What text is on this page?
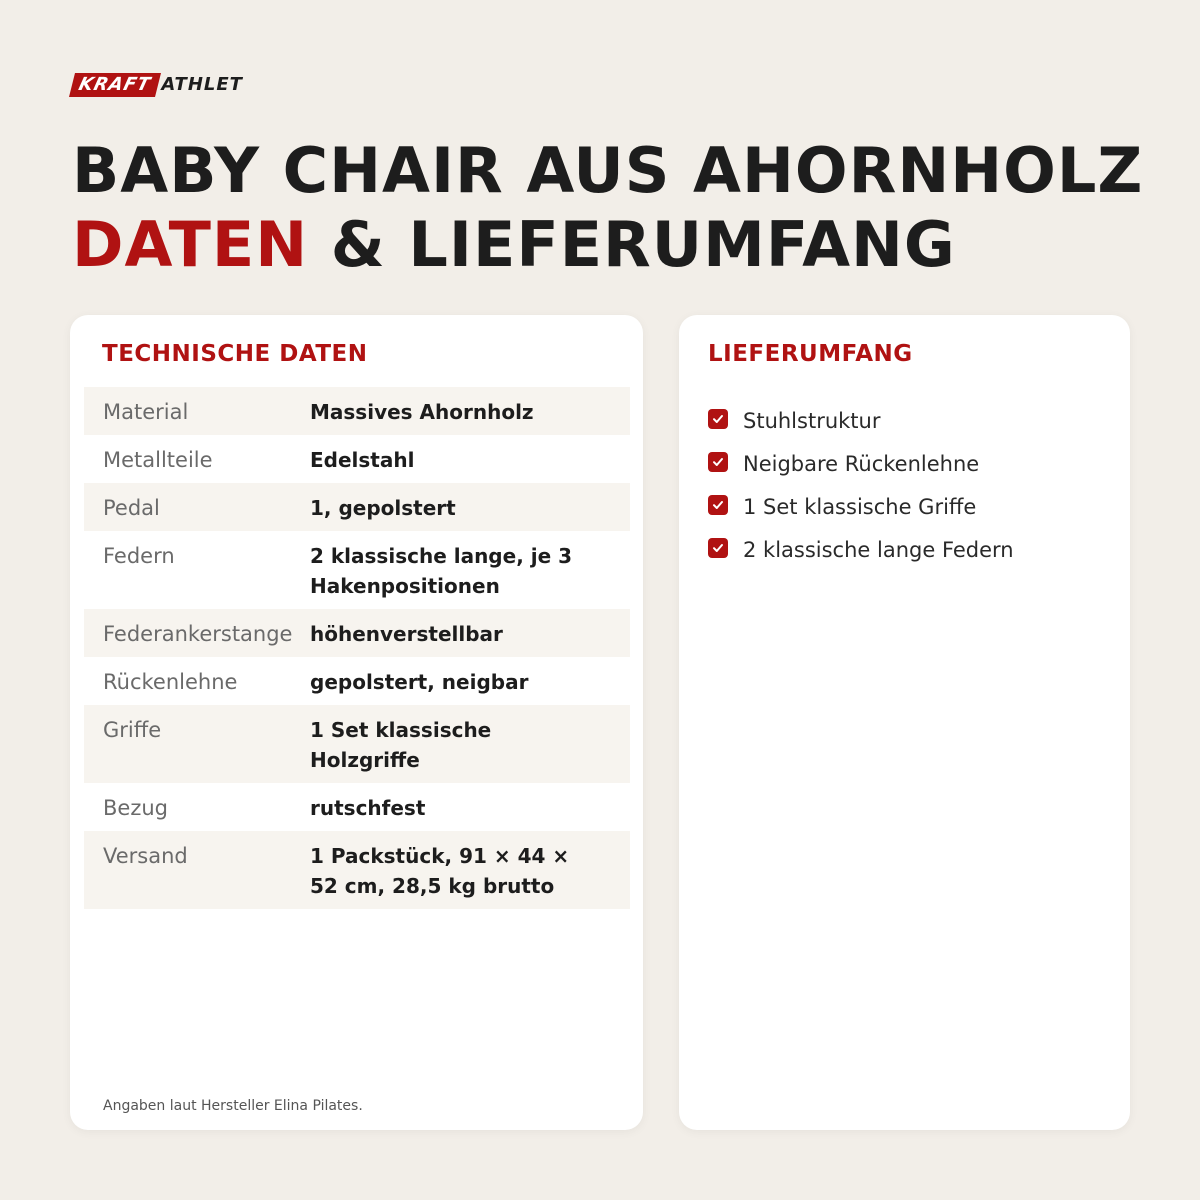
KRAFT ATHLET
BABY CHAIR AUS AHORNHOLZ
DATEN & LIEFERUMFANG
TECHNISCHE DATEN
Material	Massives Ahornholz
Metallteile	Edelstahl
Pedal	1, gepolstert
Federn	2 klassische lange, je 3 Hakenpositionen
Federankerstange höhenverstellbar
Rückenlehne	gepolstert, neigbar
Griffe	1 Set klassische Holzgriffe
Bezug	rutschfest
Versand	1 Packstück, 91 × 44 × 52 cm, 28,5 kg brutto
Angaben laut Hersteller Elina Pilates.
LIEFERUMFANG
Stuhlstruktur
Neigbare Rückenlehne
1 Set klassische Griffe
2 klassische lange Federn
